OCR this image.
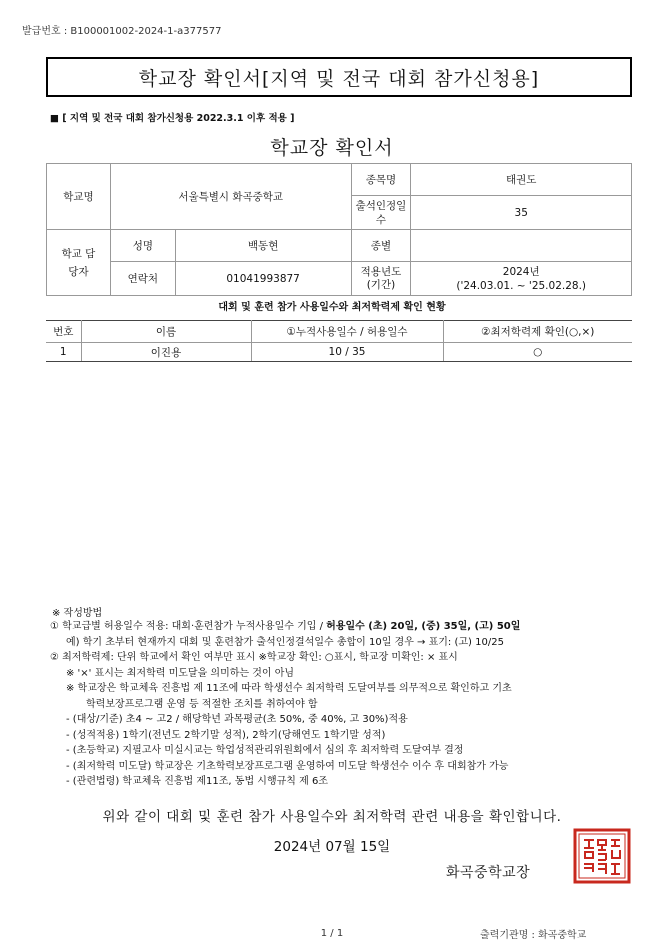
발급번호 : B100001002-2024-1-a377577
학교장 확인서[지역 및 전국 대회 참가신청용]
■ [ 지역 및 전국 대회 참가신청용 2022.3.1 이후 적용 ]
학교장 확인서
학교명	서울특별시 화곡중학교		종목명	태권도
			출석인정일수	35
학교 담당자	성명	백동현	종별	
	연락처	01041993877	적용년도 (기간)	2024년
('24.03.01. ~ '25.02.28.)
대회 및 훈련 참가 사용일수와 최저학력제 확인 현황
번호	이름	①누적사용일수 / 허용일수	②최저학력제 확인(○,×)
1	이진용	10 / 35	○
※ 작성방법
① 학교급별 허용일수 적용: 대회·훈련참가 누적사용일수 기입 / 허용일수 (초) 20일, (중) 35일, (고) 50일
예) 학기 초부터 현재까지 대회 및 훈련참가 출석인정결석일수 총합이 10일 경우 → 표기: (고) 10/25
② 최저학력제: 단위 학교에서 확인 여부만 표시 ※학교장 확인: ○표시, 학교장 미확인: × 표시
※ '×' 표시는 최저학력 미도달을 의미하는 것이 아님
※ 학교장은 학교체육 진흥법 제 11조에 따라 학생선수 최저학력 도달여부를 의무적으로 확인하고 기초
학력보장프로그램 운영 등 적절한 조치를 취하여야 함
- (대상/기준) 초4 ~ 고2 / 해당학년 과목평균(초 50%, 중 40%, 고 30%)적용
- (성적적용) 1학기(전년도 2학기말 성적), 2학기(당해연도 1학기말 성적)
- (초등학교) 지필고사 미실시교는 학업성적관리위원회에서 심의 후 최저학력 도달여부 결정
- (최저학력 미도달) 학교장은 기초학력보장프로그램 운영하여 미도달 학생선수 이수 후 대회참가 가능
- (관련법령) 학교체육 진흥법 제11조, 동법 시행규칙 제 6조
위와 같이 대회 및 훈련 참가 사용일수와 최저학력 관련 내용을 확인합니다.
2024년 07월 15일
화곡중학교장
1 / 1	출력기관명 : 화곡중학교
